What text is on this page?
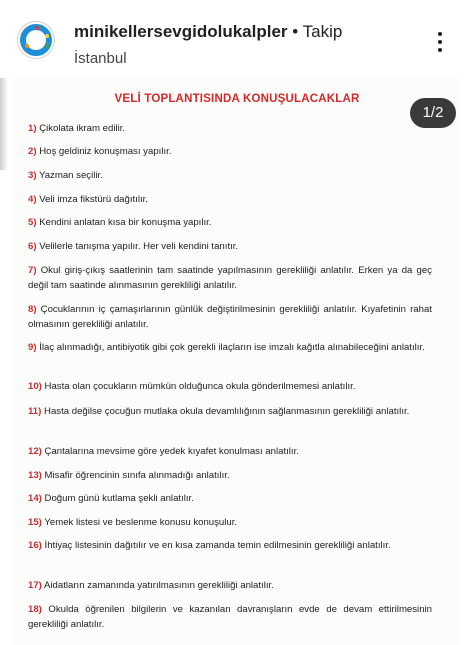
minikellersevgidolukalpler • Takip
İstanbul
VELİ TOPLANTISINDA KONUŞULACAKLAR
1/2
1) Çikolata ikram edilir.
2) Hoş geldiniz konuşması yapılır.
3) Yazman seçilir.
4) Veli imza fikstürü dağıtılır.
5) Kendini anlatan kısa bir konuşma yapılır.
6) Velilerle tanışma yapılır. Her veli kendini tanıtır.
7) Okul giriş-çıkış saatlerinin tam saatinde yapılmasının gerekliliği anlatılır. Erken ya da geç değil tam saatinde alınmasının gerekliliği anlatılır.
8) Çocuklarının iç çamaşırlarının günlük değiştirilmesinin gerekliliği anlatılır. Kıyafetinin rahat olmasının gerekliliği anlatılır.
9) İlaç alınmadığı, antibiyotik gibi çok gerekli ilaçların ise imzalı kağıtla alınabileceğini anlatılır.
10) Hasta olan çocukların mümkün olduğunca okula gönderilmemesi anlatılır.
11) Hasta değilse çocuğun mutlaka okula devamlılığının sağlanmasının gerekliliği anlatılır.
12) Çantalarına mevsime göre yedek kıyafet konulması anlatılır.
13) Misafir öğrencinin sınıfa alınmadığı anlatılır.
14) Doğum günü kutlama şekli anlatılır.
15) Yemek listesi ve beslenme konusu konuşulur.
16) İhtiyaç listesinin dağıtılır ve en kısa zamanda temin edilmesinin gerekliliği anlatılır.
17) Aidatların zamanında yatırılmasının gerekliliği anlatılır.
18) Okulda öğrenilen bilgilerin ve kazanılan davranışların evde de devam ettirilmesinin gerekliliği anlatılır.
